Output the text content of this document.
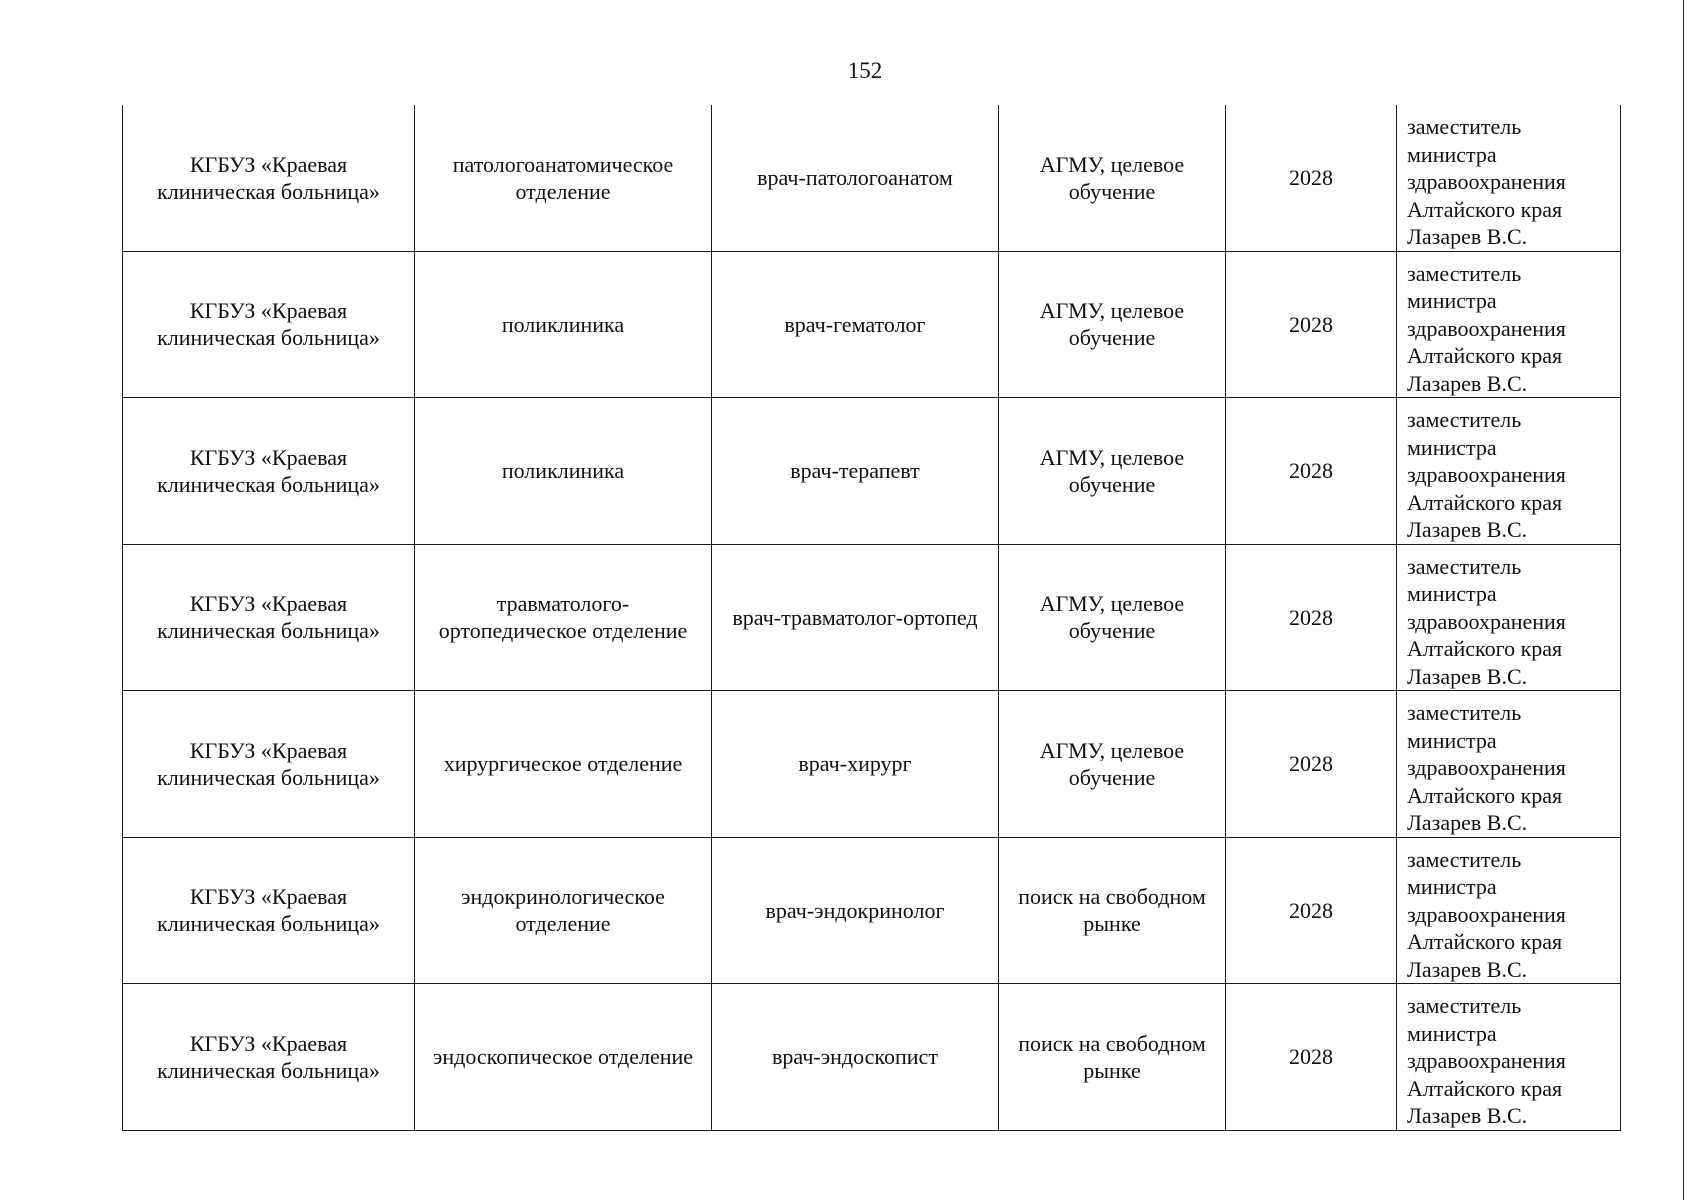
152
КГБУЗ «Краевая клиническая больница»	патологоанатомическое отделение	врач-патологоанатом	АГМУ, целевое обучение	2028	заместитель министра здравоохранения Алтайского края Лазарев В.С.
КГБУЗ «Краевая клиническая больница»	поликлиника	врач-гематолог	АГМУ, целевое обучение	2028	заместитель министра здравоохранения Алтайского края Лазарев В.С.
КГБУЗ «Краевая клиническая больница»	поликлиника	врач-терапевт	АГМУ, целевое обучение	2028	заместитель министра здравоохранения Алтайского края Лазарев В.С.
КГБУЗ «Краевая клиническая больница»	травматолого-ортопедическое отделение	врач-травматолог-ортопед	АГМУ, целевое обучение	2028	заместитель министра здравоохранения Алтайского края Лазарев В.С.
КГБУЗ «Краевая клиническая больница»	хирургическое отделение	врач-хирург	АГМУ, целевое обучение	2028	заместитель министра здравоохранения Алтайского края Лазарев В.С.
КГБУЗ «Краевая клиническая больница»	эндокринологическое отделение	врач-эндокринолог	поиск на свободном рынке	2028	заместитель министра здравоохранения Алтайского края Лазарев В.С.
КГБУЗ «Краевая клиническая больница»	эндоскопическое отделение	врач-эндоскопист	поиск на свободном рынке	2028	заместитель министра здравоохранения Алтайского края Лазарев В.С.
